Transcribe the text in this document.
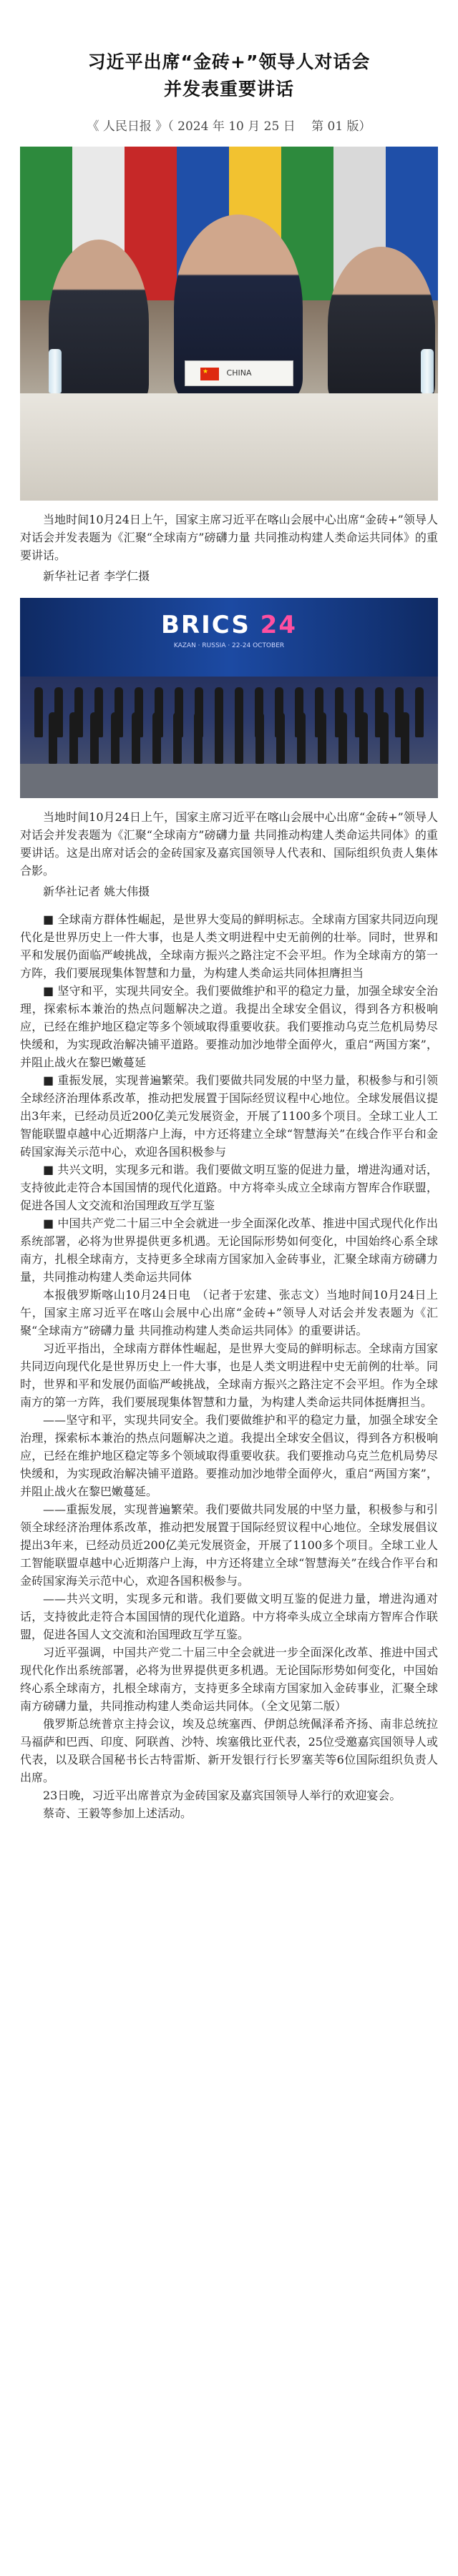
习近平出席“金砖+”领导人对话会
并发表重要讲话
《 人民日报 》（ 2024 年 10 月 25 日 　第 01 版）
CHINA
★

当地时间10月24日上午，国家主席习近平在喀山会展中心出席“金砖+”领导人对话会并发表题为《汇聚“全球南方”磅礴力量 共同推动构建人类命运共同体》的重要讲话。

新华社记者 李学仁摄
BRICS 24
KAZAN · RUSSIA · 22-24 OCTOBER

当地时间10月24日上午，国家主席习近平在喀山会展中心出席“金砖+”领导人对话会并发表题为《汇聚“全球南方”磅礴力量 共同推动构建人类命运共同体》的重要讲话。这是出席对话会的金砖国家及嘉宾国领导人代表和、国际组织负责人集体合影。

新华社记者 姚大伟摄

■ 全球南方群体性崛起，是世界大变局的鲜明标志。全球南方国家共同迈向现代化是世界历史上一件大事，也是人类文明进程中史无前例的壮举。同时，世界和平和发展仍面临严峻挑战，全球南方振兴之路注定不会平坦。作为全球南方的第一方阵，我们要展现集体智慧和力量，为构建人类命运共同体担膺担当

■ 坚守和平，实现共同安全。我们要做维护和平的稳定力量，加强全球安全治理，探索标本兼治的热点问题解决之道。我提出全球安全倡议，得到各方积极响应，已经在维护地区稳定等多个领域取得重要收获。我们要推动乌克兰危机局势尽快缓和，为实现政治解决铺平道路。要推动加沙地带全面停火，重启“两国方案”，并阻止战火在黎巴嫩蔓延

■ 重振发展，实现普遍繁荣。我们要做共同发展的中坚力量，积极参与和引领全球经济治理体系改革，推动把发展置于国际经贸议程中心地位。全球发展倡议提出3年来，已经动员近200亿美元发展资金，开展了1100多个项目。全球工业人工智能联盟卓越中心近期落户上海，中方还将建立全球“智慧海关”在线合作平台和金砖国家海关示范中心，欢迎各国积极参与

■ 共兴文明，实现多元和谐。我们要做文明互鉴的促进力量，增进沟通对话，支持彼此走符合本国国情的现代化道路。中方将牵头成立全球南方智库合作联盟，促进各国人文交流和治国理政互学互鉴

■ 中国共产党二十届三中全会就进一步全面深化改革、推进中国式现代化作出系统部署，必将为世界提供更多机遇。无论国际形势如何变化，中国始终心系全球南方，扎根全球南方，支持更多全球南方国家加入金砖事业，汇聚全球南方磅礴力量，共同推动构建人类命运共同体

本报俄罗斯喀山10月24日电　（记者于宏建、张志文）当地时间10月24日上午，国家主席习近平在喀山会展中心出席“金砖+”领导人对话会并发表题为《汇聚“全球南方”磅礴力量 共同推动构建人类命运共同体》的重要讲话。

习近平指出，全球南方群体性崛起，是世界大变局的鲜明标志。全球南方国家共同迈向现代化是世界历史上一件大事，也是人类文明进程中史无前例的壮举。同时，世界和平和发展仍面临严峻挑战，全球南方振兴之路注定不会平坦。作为全球南方的第一方阵，我们要展现集体智慧和力量，为构建人类命运共同体挺膺担当。

——坚守和平，实现共同安全。我们要做维护和平的稳定力量，加强全球安全治理，探索标本兼治的热点问题解决之道。我提出全球安全倡议，得到各方积极响应，已经在维护地区稳定等多个领域取得重要收获。我们要推动乌克兰危机局势尽快缓和，为实现政治解决铺平道路。要推动加沙地带全面停火，重启“两国方案”，并阻止战火在黎巴嫩蔓延。

——重振发展，实现普遍繁荣。我们要做共同发展的中坚力量，积极参与和引领全球经济治理体系改革，推动把发展置于国际经贸议程中心地位。全球发展倡议提出3年来，已经动员近200亿美元发展资金，开展了1100多个项目。全球工业人工智能联盟卓越中心近期落户上海，中方还将建立全球“智慧海关”在线合作平台和金砖国家海关示范中心，欢迎各国积极参与。

——共兴文明，实现多元和谐。我们要做文明互鉴的促进力量，增进沟通对话，支持彼此走符合本国国情的现代化道路。中方将牵头成立全球南方智库合作联盟，促进各国人文交流和治国理政互学互鉴。

习近平强调，中国共产党二十届三中全会就进一步全面深化改革、推进中国式现代化作出系统部署，必将为世界提供更多机遇。无论国际形势如何变化，中国始终心系全球南方，扎根全球南方，支持更多全球南方国家加入金砖事业，汇聚全球南方磅礴力量，共同推动构建人类命运共同体。（全文见第二版）

俄罗斯总统普京主持会议，埃及总统塞西、伊朗总统佩泽希齐扬、南非总统拉马福萨和巴西、印度、阿联酋、沙特、埃塞俄比亚代表，25位受邀嘉宾国领导人或代表，以及联合国秘书长古特雷斯、新开发银行行长罗塞芙等6位国际组织负责人出席。

23日晚，习近平出席普京为金砖国家及嘉宾国领导人举行的欢迎宴会。

蔡奇、王毅等参加上述活动。
